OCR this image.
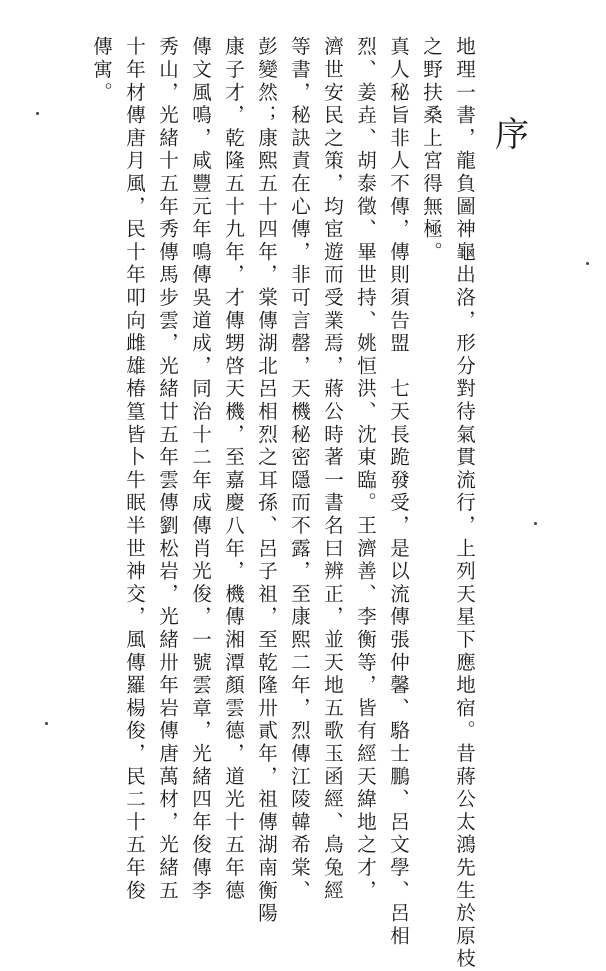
序
地理一書，龍負圖神龜出洛，形分對待氣貫流行，上列天星下應地宿。昔蔣公太鴻先生於原枝
之野扶桑上宮得無極。
真人秘旨非人不傳，傳則須告盟　七天長跪發受，是以流傳張仲馨、駱士鵬、呂文學、呂相
烈、姜垚、胡泰徵、畢世持、姚恒洪、沈東臨。王濟善、李衡等，皆有經天緯地之才，
濟世安民之策，均宦遊而受業焉，蔣公時著一書名曰辨正，並天地五歌玉函經、鳥兔經
等書，秘訣責在心傳，非可言罄，天機秘密隱而不露，至康熙二年，烈傳江陵韓希棠、
彭變然；康熙五十四年，棠傳湖北呂相烈之耳孫、呂子祖，至乾隆卅貳年，祖傳湖南衡陽
康子才，乾隆五十九年，才傳甥啓天機，至嘉慶八年，機傳湘潭顏雲德，道光十五年德
傳文風鳴，咸豐元年鳴傳吳道成，同治十二年成傳肖光俊，一號雲章，光緒四年俊傳李
秀山，光緒十五年秀傳馬步雲，光緒廿五年雲傳劉松岩，光緒卅年岩傳唐萬材，光緒五
十年材傳唐月風，民十年叩向雌雄椿篁皆卜牛眠半世神交，風傳羅楊俊，民二十五年俊
傳寓。
